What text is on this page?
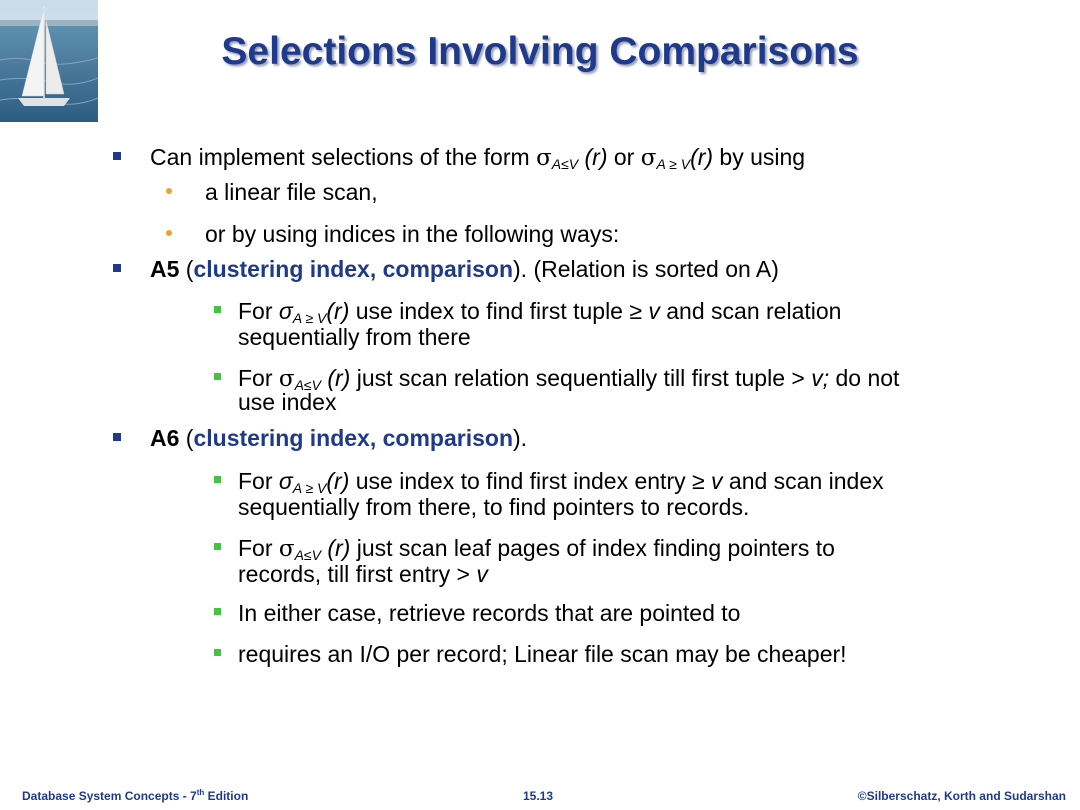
Selections Involving Comparisons
Can implement selections of the form $\sigma_{A\le V}$ (r) or $\sigma_{A \ge V}(r)$ by using
a linear file scan,
or by using indices in the following ways:
A5 (clustering index, comparison). (Relation is sorted on A)
For $\sigma_{A \ge V}(r)$ use index to find first tuple ≥ v and scan relation
sequentially from there
For $\sigma_{A\le V}$ (r) just scan relation sequentially till first tuple > v; do not
use index
A6 (clustering index, comparison).
For $\sigma_{A \ge V}(r)$ use index to find first index entry ≥ v and scan index
sequentially from there, to find pointers to records.
For $\sigma_{A\le V}$ (r) just scan leaf pages of index finding pointers to
records, till first entry > v
In either case, retrieve records that are pointed to
requires an I/O per record; Linear file scan may be cheaper!
Database System Concepts - 7th Edition	15.13	©Silberschatz, Korth and Sudarshan
